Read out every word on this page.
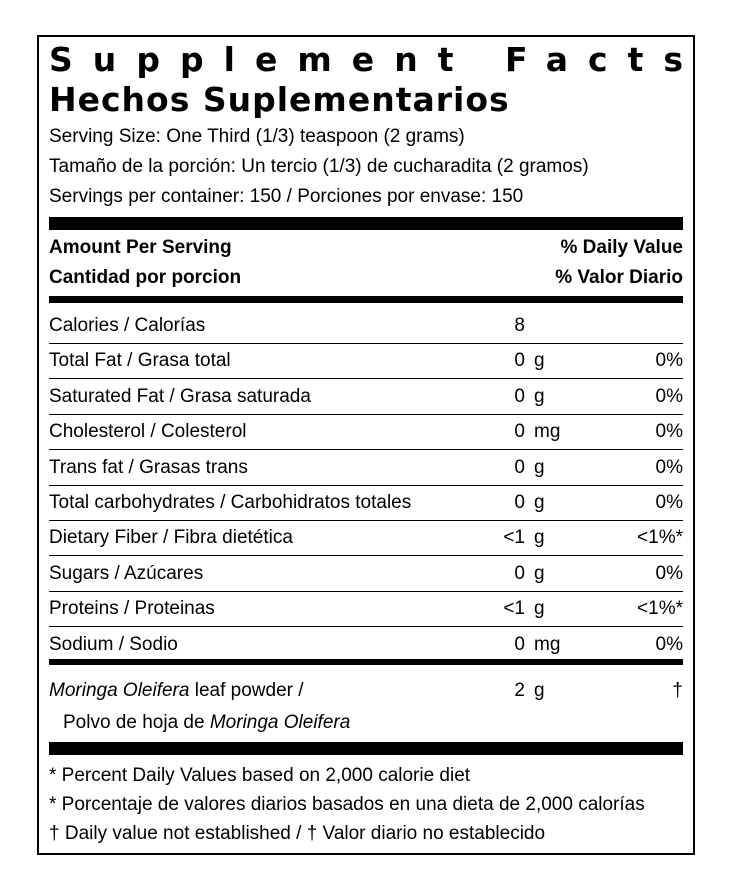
Supplement Facts
Hechos Suplementarios
Serving Size: One Third (1/3) teaspoon (2 grams)
Tamaño de la porción: Un tercio (1/3) de cucharadita (2 gramos)
Servings per container: 150 / Porciones por envase: 150
Amount Per Serving	% Daily Value
Cantidad por porcion	% Valor Diario
Calories / Calorías	8
Total Fat / Grasa total	0 g	0%
Saturated Fat / Grasa saturada	0 g	0%
Cholesterol / Colesterol	0 mg	0%
Trans fat / Grasas trans	0 g	0%
Total carbohydrates / Carbohidratos totales	0 g	0%
Dietary Fiber / Fibra dietética	<1 g	<1%*
Sugars / Azúcares	0 g	0%
Proteins / Proteinas	<1 g	<1%*
Sodium / Sodio	0 mg	0%
Moringa Oleifera leaf powder /	2 g	†
Polvo de hoja de Moringa Oleifera
* Percent Daily Values based on 2,000 calorie diet
* Porcentaje de valores diarios basados en una dieta de 2,000 calorías
† Daily value not established / † Valor diario no establecido
